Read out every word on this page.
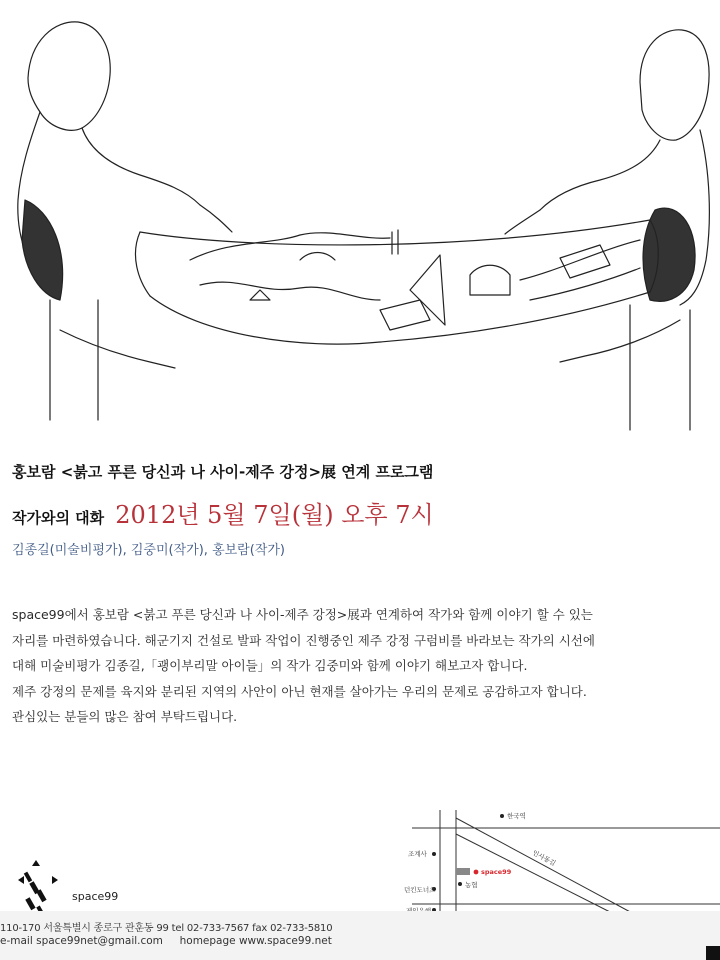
홍보람 <붉고 푸른 당신과 나 사이-제주 강정>展 연계 프로그램
작가와의 대화 2012년 5월 7일(월) 오후 7시
김종길(미술비평가), 김중미(작가), 홍보람(작가)

space99에서 홍보람 <붉고 푸른 당신과 나 사이-제주 강정>展과 연계하여 작가와 함께 이야기 할 수 있는

자리를 마련하였습니다. 해군기지 건설로 발파 작업이 진행중인 제주 강정 구럼비를 바라보는 작가의 시선에

대해 미술비평가 김종길,「괭이부리말 아이들」의 작가 김중미와 함께 이야기 해보고자 합니다.

제주 강정의 문제를 육지와 분리된 지역의 사안이 아닌 현재를 살아가는 우리의 문제로 공감하고자 합니다.

관심있는 분들의 많은 참여 부탁드립니다.

space99
한국역
조계사
space99
인사동길
던킨도너츠
농협
110-170 서울특별시 종로구 관훈동 99 tel 02-733-7567 fax 02-733-5810
e-mail space99net@gmail.com homepage www.space99.net
